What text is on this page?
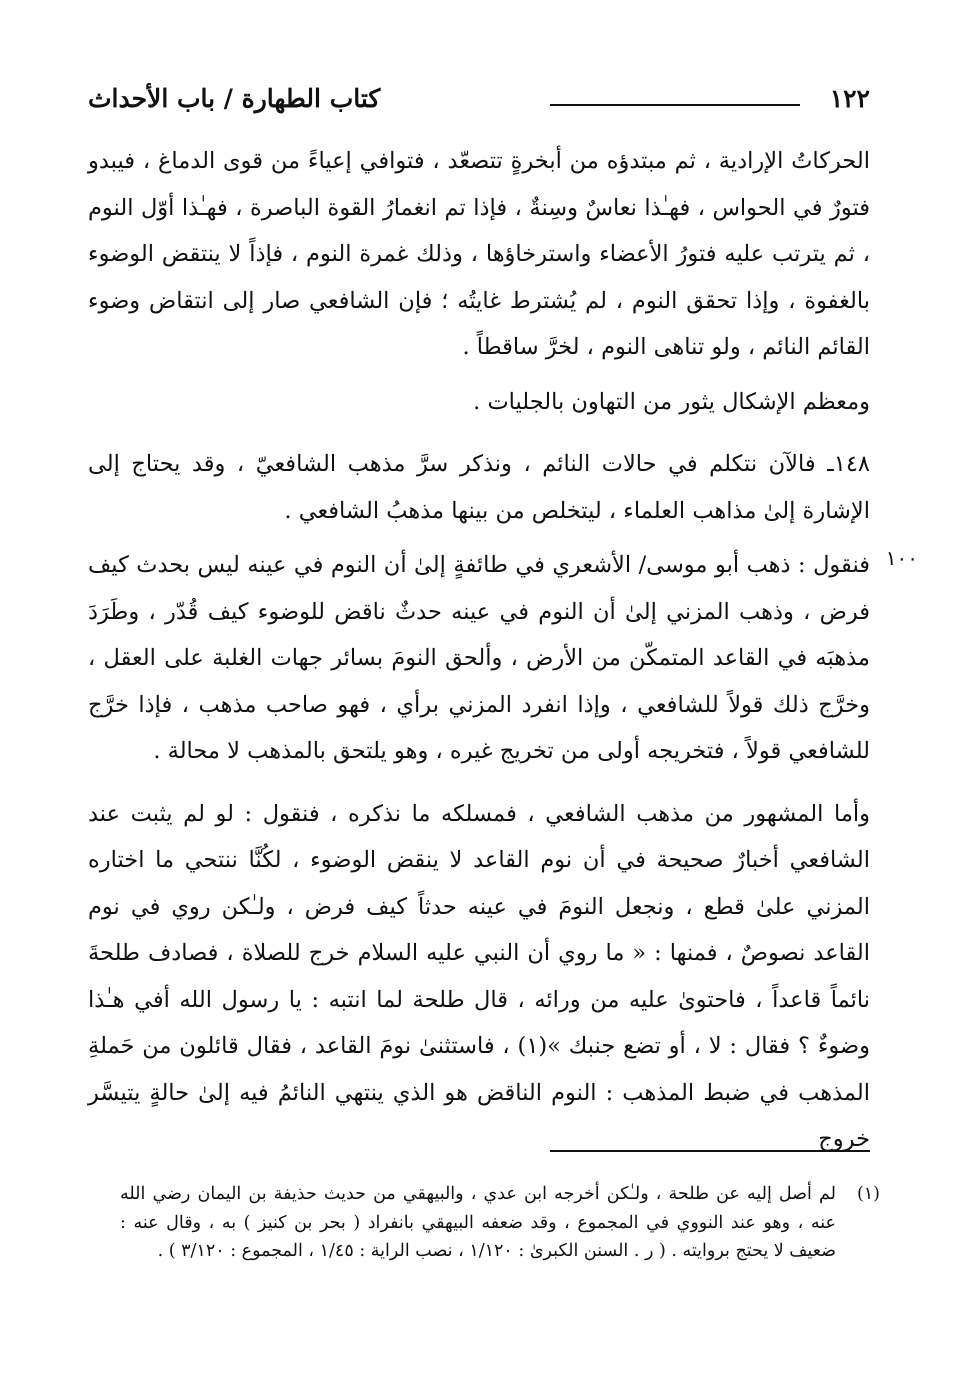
١٢٢
كتاب الطهارة / باب الأحداث
١٠٠

الحركاتُ الإرادية ، ثم مبتدؤه من أبخرةٍ تتصعّد ، فتوافي إعياءً من قوى الدماغ ، فيبدو فتورٌ في الحواس ، فهـٰذا نعاسٌ وسِنةٌ ، فإذا تم انغمارُ القوة الباصرة ، فهـٰذا أوّل النوم ، ثم يترتب عليه فتورُ الأعضاء واسترخاؤها ، وذلك غمرة النوم ، فإذاً لا ينتقض الوضوء بالغفوة ، وإذا تحقق النوم ، لم يُشترط غايتُه ؛ فإن الشافعي صار إلى انتقاض وضوء القائم النائم ، ولو تناهى النوم ، لخرَّ ساقطاً .

ومعظم الإشكال يثور من التهاون بالجليات .

١٤٨ـ فالآن نتكلم في حالات النائم ، ونذكر سرَّ مذهب الشافعيّ ، وقد يحتاج إلى الإشارة إلىٰ مذاهب العلماء ، ليتخلص من بينها مذهبُ الشافعي .

فنقول : ذهب أبو موسى/ الأشعري في طائفةٍ إلىٰ أن النوم في عينه ليس بحدث كيف فرض ، وذهب المزني إلىٰ أن النوم في عينه حدثٌ ناقض للوضوء كيف قُدّر ، وطَرَدَ مذهبَه في القاعد المتمكّن من الأرض ، وألحق النومَ بسائر جهات الغلبة على العقل ، وخرَّج ذلك قولاً للشافعي ، وإذا انفرد المزني برأي ، فهو صاحب مذهب ، فإذا خرَّج للشافعي قولاً ، فتخريجه أولى من تخريج غيره ، وهو يلتحق بالمذهب لا محالة .

وأما المشهور من مذهب الشافعي ، فمسلكه ما نذكره ، فنقول : لو لم يثبت عند الشافعي أخبارٌ صحيحة في أن نوم القاعد لا ينقض الوضوء ، لكُنَّا ننتحي ما اختاره المزني علىٰ قطع ، ونجعل النومَ في عينه حدثاً كيف فرض ، ولـٰكن روي في نوم القاعد نصوصٌ ، فمنها : « ما روي أن النبي عليه السلام خرج للصلاة ، فصادف طلحةَ نائماً قاعداً ، فاحتوىٰ عليه من ورائه ، قال طلحة لما انتبه : يا رسول الله أفي هـٰذا وضوءٌ ؟ فقال : لا ، أو تضع جنبك »(١) ، فاستثنىٰ نومَ القاعد ، فقال قائلون من حَملةِ المذهب في ضبط المذهب : النوم الناقض هو الذي ينتهي النائمُ فيه إلىٰ حالةٍ يتيسَّر خروج

(١)
لم أصل إليه عن طلحة ، ولـٰكن أخرجه ابن عدي ، والبيهقي من حديث حذيفة بن اليمان رضي الله عنه ، وهو عند النووي في المجموع ، وقد ضعفه البيهقي بانفراد ( بحر بن كنيز ) به ، وقال عنه : ضعيف لا يحتج بروايته . ( ر . السنن الكبرىٰ : ١/١٢٠ ، نصب الراية : ١/٤٥ ، المجموع : ٣/١٢٠ ) .
